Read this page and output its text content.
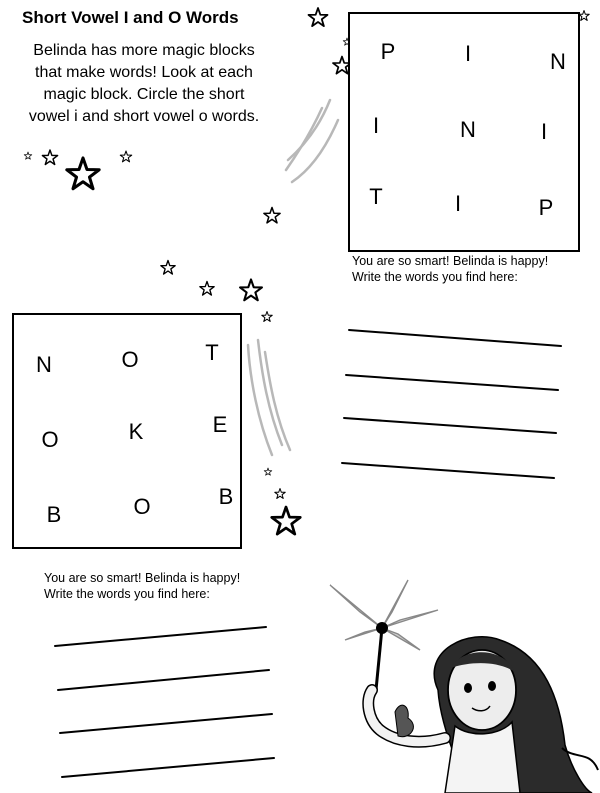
Short Vowel I and O Words
Belinda has more magic blocks
that make words! Look at each
magic block. Circle the short
vowel i and short vowel o words.
P	I	N
I	N	I
T	I	P
You are so smart! Belinda is happy!
Write the words you find here:
N	O	T
O	K	E
B	O	B
You are so smart! Belinda is happy!
Write the words you find here:
